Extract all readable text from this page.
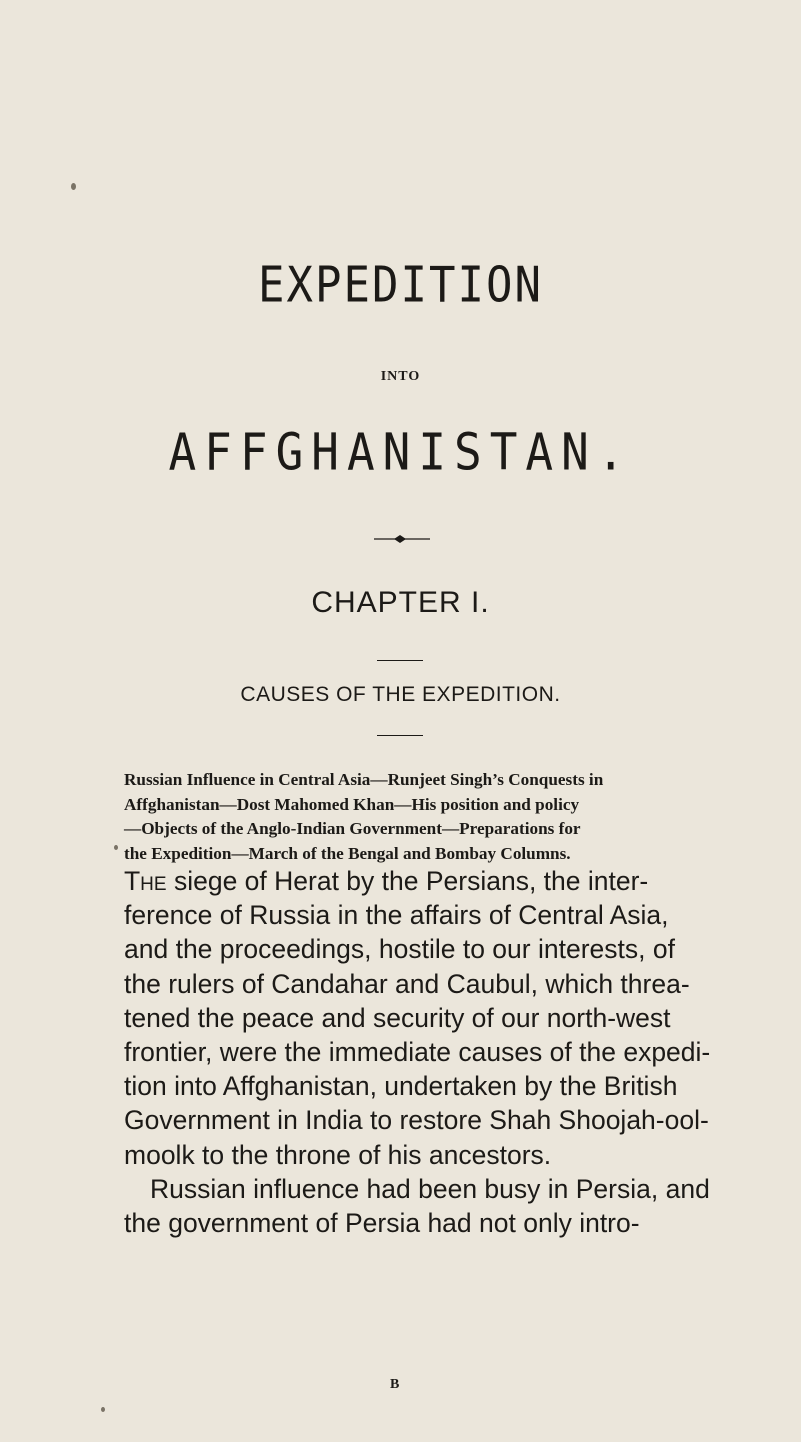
EXPEDITION
INTO
AFFGHANISTAN.
CHAPTER I.
CAUSES OF THE EXPEDITION.
Russian Influence in Central Asia—Runjeet Singh’s Conquests in
Affghanistan—Dost Mahomed Khan—His position and policy
—Objects of the Anglo-Indian Government—Preparations for
the Expedition—March of the Bengal and Bombay Columns.
The siege of Herat by the Persians, the inter-
ference of Russia in the affairs of Central Asia,
and the proceedings, hostile to our interests, of
the rulers of Candahar and Caubul, which threa-
tened the peace and security of our north-west
frontier, were the immediate causes of the expedi-
tion into Affghanistan, undertaken by the British
Government in India to restore Shah Shoojah-ool-
moolk to the throne of his ancestors.
Russian influence had been busy in Persia, and
the government of Persia had not only intro-
B
